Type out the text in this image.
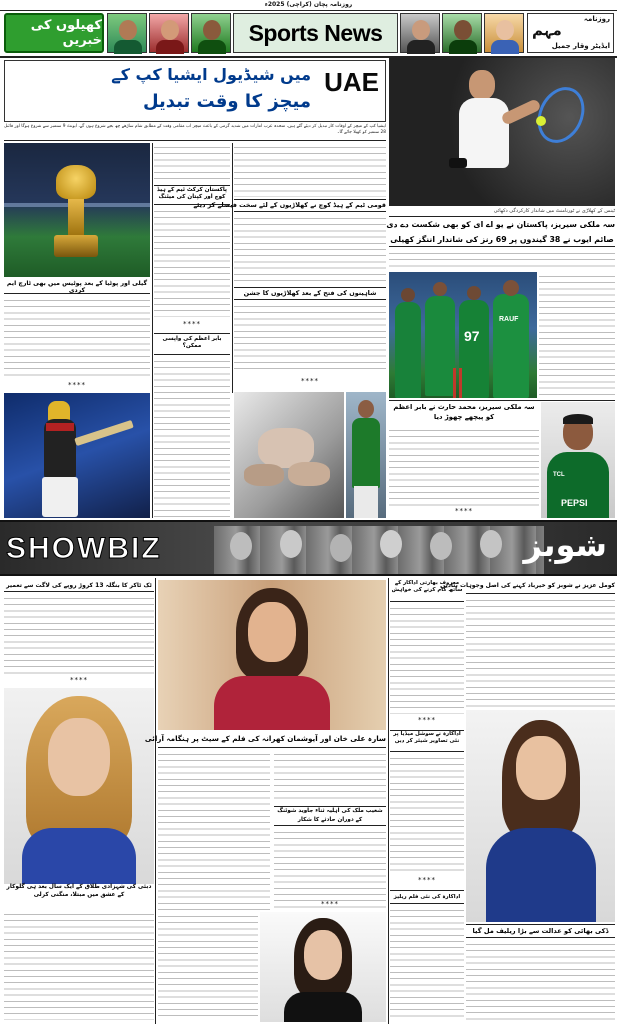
روزنامہ پچان (کراچی) 2025ء
کھیلوں کی خبریں	Sports News
روزنامہ
مہم
ایڈیٹر وقار جمیل
میں شیڈیول ایشیا کپ کے
میچز کا وقت تبدیل
UAE
ایشیا کپ کے میچز کے اوقات کار تبدیل کر دیئے گئے ہیں، متحدہ عرب امارات میں شدید گرمی کے باعث میچز اب مقامی وقت کے مطابق شام ساڑھے چھ بجے شروع ہوں گے، ایونٹ 9 ستمبر سے شروع ہوگا اور فائنل 28 ستمبر کو کھیلا جائے گا۔
ٹینس کے کھلاڑی نے ٹورنامنٹ میں شاندار کارکردگی دکھائی
گیلی اور پوٹیا کے بعد پوٹیس میں بھی ٹارچ ایم کردی
****
پاکستان کرکٹ ٹیم کے ہیڈ کوچ اور کپتان کی میٹنگ
****
بابر اعظم کی واپسی ممکن؟
قومی ٹیم کے ہیڈ کوچ نے کھلاڑیوں کے لئے سخت فیصلے کر دیئے
شاہینوں کی فتح کے بعد کھلاڑیوں کا جشن
****
سہ ملکی سیریز، پاکستان نے یو اے ای کو بھی شکست دے دی
صائم ایوب نے 38 گیندوں پر 69 رنز کی شاندار اننگز کھیلی
97
RAUF
سہ ملکی سیریز، محمد حارث نے بابر اعظم کو پیچھے چھوڑ دیا
****
TCL
PEPSI
SHOWBIZ	شوبز
ٹک ٹاکر کا بنگلہ 13 کروڑ روپے کی لاگت سے تعمیر
****
دبئی کی شہزادی طلاق کے ایک سال بعد ہی گلوکار کے عشق میں مبتلا، منگنی کرلی
سارہ علی خان اور آیوشمان کھرانہ کی فلم کے سیٹ پر ہنگامہ آرائی
شعیب ملک کی اہلیہ ثناء جاوید شوٹنگ کے دوران حادثے کا شکار
****
معروف بھارتی اداکار کے ساتھ کام کرنے کی خواہش
****
اداکارہ نے سوشل میڈیا پر نئی تصاویر شیئر کر دیں
****
اداکارہ کی نئی فلم ریلیز
کومل عزیز نے شوبز کو خیرباد کہنے کی اصل وجوہات بتادیں
ڈکی بھائی کو عدالت سے بڑا ریلیف مل گیا
ہ
